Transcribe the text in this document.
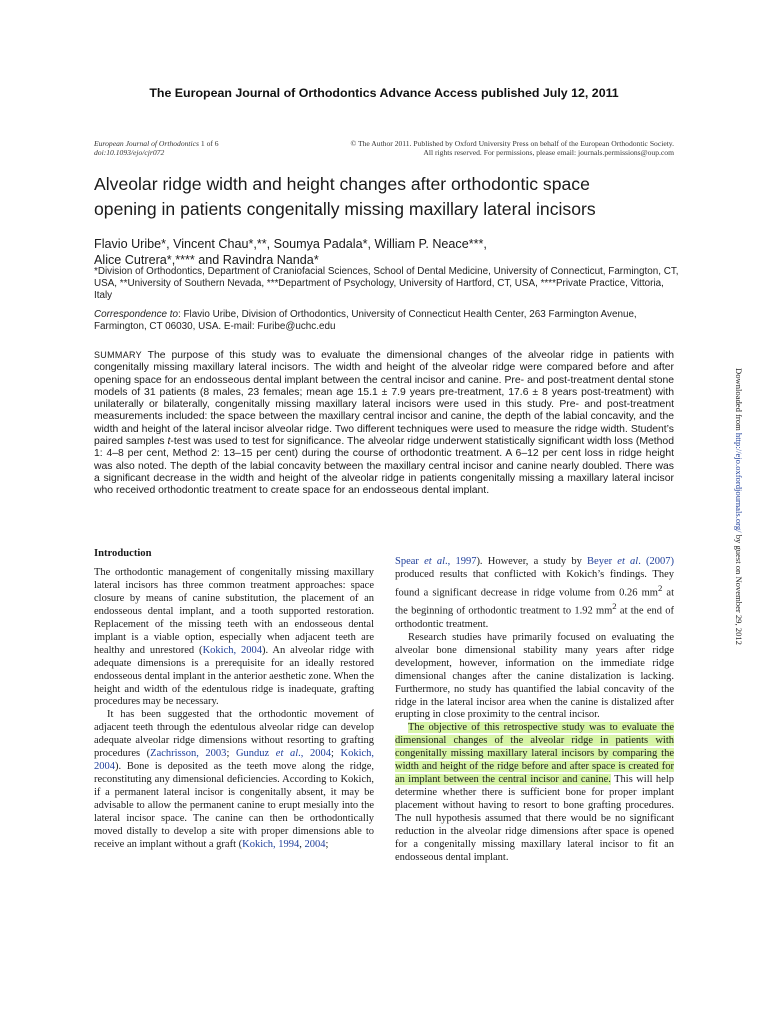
The European Journal of Orthodontics Advance Access published July 12, 2011
European Journal of Orthodontics 1 of 6
doi:10.1093/ejo/cjr072
© The Author 2011. Published by Oxford University Press on behalf of the European Orthodontic Society.
All rights reserved. For permissions, please email: journals.permissions@oup.com
Alveolar ridge width and height changes after orthodontic space
opening in patients congenitally missing maxillary lateral incisors
Flavio Uribe*, Vincent Chau*,**, Soumya Padala*, William P. Neace***,
Alice Cutrera*,**** and Ravindra Nanda*
*Division of Orthodontics, Department of Craniofacial Sciences, School of Dental Medicine, University of Connecticut, Farmington, CT, USA, **University of Southern Nevada, ***Department of Psychology, University of Hartford, CT, USA, ****Private Practice, Vittoria, Italy
Correspondence to: Flavio Uribe, Division of Orthodontics, University of Connecticut Health Center, 263 Farmington Avenue, Farmington, CT 06030, USA. E-mail: Furibe@uchc.edu
SUMMARY The purpose of this study was to evaluate the dimensional changes of the alveolar ridge in patients with congenitally missing maxillary lateral incisors. The width and height of the alveolar ridge were compared before and after opening space for an endosseous dental implant between the central incisor and canine. Pre- and post-treatment dental stone models of 31 patients (8 males, 23 females; mean age 15.1 ± 7.9 years pre-treatment, 17.6 ± 8 years post-treatment) with unilaterally or bilaterally, congenitally missing maxillary lateral incisors were used in this study. Pre- and post-treatment measurements included: the space between the maxillary central incisor and canine, the depth of the labial concavity, and the width and height of the lateral incisor alveolar ridge. Two different techniques were used to measure the ridge width. Student’s paired samples t-test was used to test for significance. The alveolar ridge underwent statistically significant width loss (Method 1: 4–8 per cent, Method 2: 13–15 per cent) during the course of orthodontic treatment. A 6–12 per cent loss in ridge height was also noted. The depth of the labial concavity between the maxillary central incisor and canine nearly doubled. There was a significant decrease in the width and height of the alveolar ridge in patients congenitally missing a maxillary lateral incisor who received orthodontic treatment to create space for an endosseous dental implant.
Introduction

The orthodontic management of congenitally missing maxillary lateral incisors has three common treatment approaches: space closure by means of canine substitution, the placement of an endosseous dental implant, and a tooth supported restoration. Replacement of the missing teeth with an endosseous dental implant is a viable option, especially when adjacent teeth are healthy and unrestored (Kokich, 2004). An alveolar ridge with adequate dimensions is a prerequisite for an ideally restored endosseous dental implant in the anterior aesthetic zone. When the height and width of the edentulous ridge is inadequate, grafting procedures may be necessary.

It has been suggested that the orthodontic movement of adjacent teeth through the edentulous alveolar ridge can develop adequate alveolar ridge dimensions without resorting to grafting procedures (Zachrisson, 2003; Gunduz et al., 2004; Kokich, 2004). Bone is deposited as the teeth move along the ridge, reconstituting any dimensional deficiencies. According to Kokich, if a permanent lateral incisor is congenitally absent, it may be advisable to allow the permanent canine to erupt mesially into the lateral incisor space. The canine can then be orthodontically moved distally to develop a site with proper dimensions able to receive an implant without a graft (Kokich, 1994, 2004;

Spear et al., 1997). However, a study by Beyer et al. (2007) produced results that conflicted with Kokich’s findings. They found a significant decrease in ridge volume from 0.26 $mm^2$ at the beginning of orthodontic treatment to 1.92 $mm^2$ at the end of orthodontic treatment.

Research studies have primarily focused on evaluating the alveolar bone dimensional stability many years after ridge development, however, information on the immediate ridge dimensional changes after the canine distalization is lacking. Furthermore, no study has quantified the labial concavity of the ridge in the lateral incisor area when the canine is distalized after erupting in close proximity to the central incisor.

The objective of this retrospective study was to evaluate the dimensional changes of the alveolar ridge in patients with congenitally missing maxillary lateral incisors by comparing the width and height of the ridge before and after space is created for an implant between the central incisor and canine. This will help determine whether there is sufficient bone for proper implant placement without having to resort to bone grafting procedures. The null hypothesis assumed that there would be no significant reduction in the alveolar ridge dimensions after space is opened for a congenitally missing maxillary lateral incisor to fit an endosseous dental implant.

Downloaded from http://ejo.oxfordjournals.org/ by guest on November 29, 2012
